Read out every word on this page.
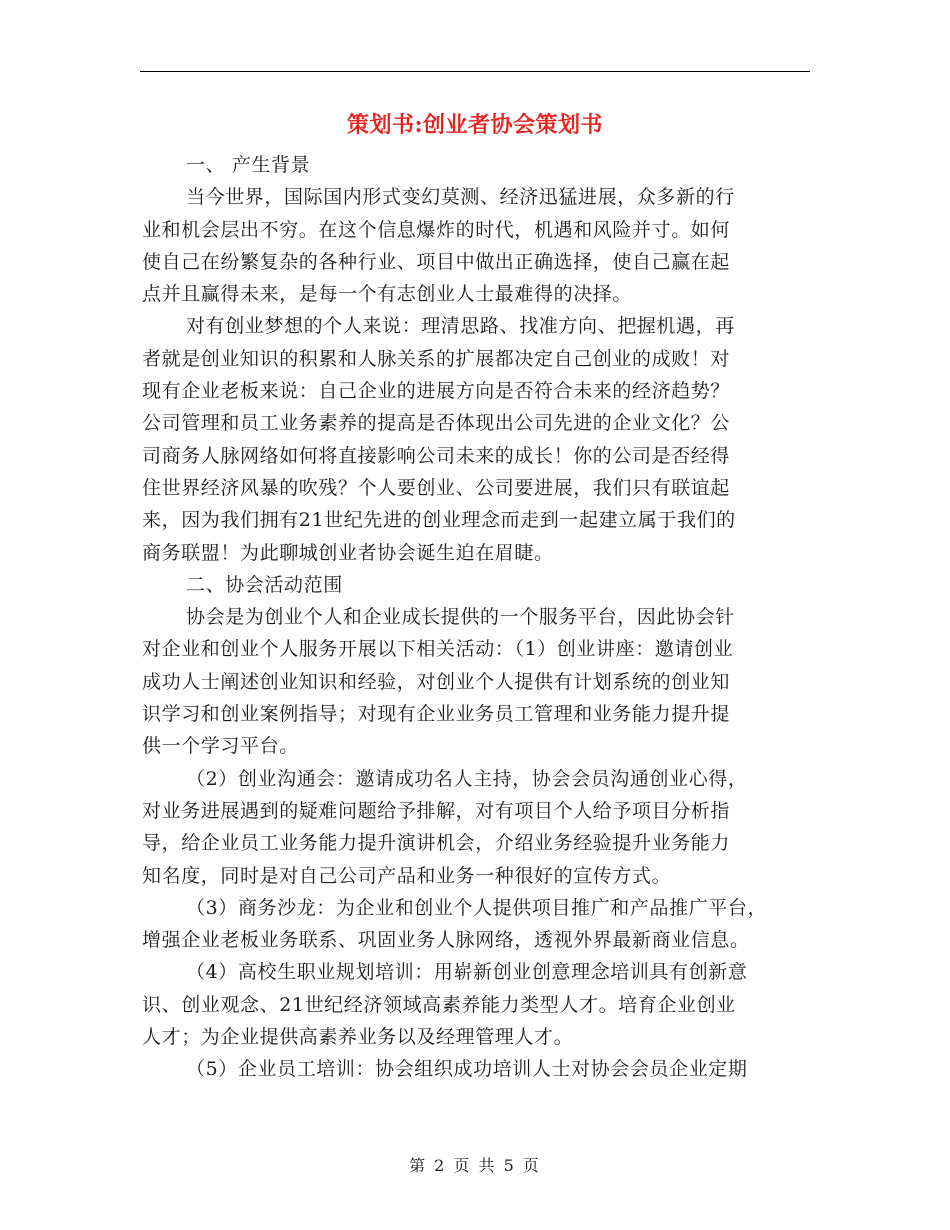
策划书:创业者协会策划书
一、 产生背景
当今世界，国际国内形式变幻莫测、经济迅猛进展，众多新的行
业和机会层出不穷。在这个信息爆炸的时代，机遇和风险并寸。如何
使自己在纷繁复杂的各种行业、项目中做出正确选择，使自己赢在起
点并且赢得未来，是每一个有志创业人士最难得的决择。
对有创业梦想的个人来说：理清思路、找准方向、把握机遇，再
者就是创业知识的积累和人脉关系的扩展都决定自己创业的成败！对
现有企业老板来说：自己企业的进展方向是否符合未来的经济趋势？
公司管理和员工业务素养的提高是否体现出公司先进的企业文化？公
司商务人脉网络如何将直接影响公司未来的成长！你的公司是否经得
住世界经济风暴的吹残？个人要创业、公司要进展，我们只有联谊起
来，因为我们拥有21世纪先进的创业理念而走到一起建立属于我们的
商务联盟！为此聊城创业者协会诞生迫在眉睫。
二、协会活动范围
协会是为创业个人和企业成长提供的一个服务平台，因此协会针
对企业和创业个人服务开展以下相关活动：（1）创业讲座：邀请创业
成功人士阐述创业知识和经验，对创业个人提供有计划系统的创业知
识学习和创业案例指导；对现有企业业务员工管理和业务能力提升提
供一个学习平台。
（2）创业沟通会：邀请成功名人主持，协会会员沟通创业心得，
对业务进展遇到的疑难问题给予排解，对有项目个人给予项目分析指
导，给企业员工业务能力提升演讲机会，介绍业务经验提升业务能力
知名度，同时是对自己公司产品和业务一种很好的宣传方式。
（3）商务沙龙：为企业和创业个人提供项目推广和产品推广平台，
增强企业老板业务联系、巩固业务人脉网络，透视外界最新商业信息。
（4）高校生职业规划培训：用崭新创业创意理念培训具有创新意
识、创业观念、21世纪经济领域高素养能力类型人才。培育企业创业
人才；为企业提供高素养业务以及经理管理人才。
（5）企业员工培训：协会组织成功培训人士对协会会员企业定期
第 2 页 共 5 页
